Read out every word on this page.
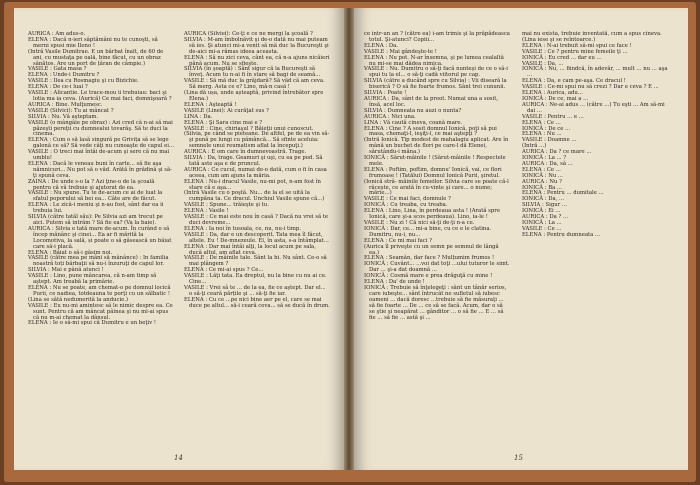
AURICA : Am adus-o.

ELENA : Dacă n-ieri sâptămâni nu te cunoşti, să merni spusi mie Ileno !

(Intră Vasile Dumitrae. E un bărbat înalt, de 60 de ani, cu mustaţa pe oală, bine făcut, cu un obraz sănătos. Are un port de țăran de câmpie.)

VASILE : Gata masa ?

ELENA : Unde-i Dumitru ?

VASILE : Ilea cu Rosmagiu şi cu Bizichie.

ELENA : De ce-i luai ?

VASILE : Alicantie. Le trace-mou ii trebuiau: baci şi lotia ma ia ceva. (Aurică) Ce mai faci, domnişoară ?

AURICA : Bine. Mulţumesc.

VASILE (Silvici): Tu ai mâncat ?

SILVIA : Nu. Vă aşteptam.

VASILE (o mângâie pe obraz) : Azi cred că n-ai să mai păzeşti pereţii cu dumnealui tovarăş. Să te duci la cinema.

ELENA : Cum o să lasă singură pe Grivița să se lege galonă ce să? Să vede câţi nu cunoaşte de capul ei...

VASILE : O treci mai întâi de-acum şi sere că nu mai umblu!

ELENA : Dacă le veneau buni în carte... să fie aşa nămnicuri... Nu pot să o văd. Arătă în grădină şi să-ţi spună ceva.

ZAINA : De unde s-o la ? Azi ţine-o de la şcoală pentru că vă trebuie şi ajutorat de ea.

VASILE : Nu spune. Tu te de-acum ce ai de luat la sfatul poporului să bei ea... Câte are de făcut.

ELENA : Le zică-i meniu şi n-au fost, sânt dar ea ii trebuia lui.

SILVIA (către tatăl său): Pe Silvia azi am trecut pe aici. Putem să intrăm ? Să fie ea? (Va la baie).

AURICA : Silvia e tată mare de-acum. În curând o să încep mănânc şi cinei... Ea ar fi mărită la Locomotiva, la sală, și poate o să găsească un băiat care să-i placă.

ELENA : Băiat o să-i găsim noi.

VASILE (către mea pe mâni să mânânce) : In familia noastră toți bărbaţii să nu-i înzuruţi de capul lor.

SILVIA : Mai e până atunci !

VASILE : Lino, pune mâncarea, că n-am timp să aştept. Am treabă la primărie.

ELENA : Nu se poate, am chemat-o pe domnul locică Purii, ce nadiea, totdeauna te porţi cu un sălbatic !

(Lina se sătă nedumerită la anducie.)

VASILE : Eu nu-mi amintesc să le nimic despre ea. Ce sunt. Pentru că am mâncat pâinea şi nu mi-ai spus că nu m-ai chemat la dânsul.

ELENA : Ie o să-mi spui că Dumitru e un beţiv !

AURICA (Silviei): Ce-ţi e ce ne mergi la şcoală ?

SILVIA : M-am îmbolnăvit şi de-o dată nu mai puteam să ies. Şi atunci mi-a venit să mă duc la Bucureşti şi de-aici mi-a rămas ideea aceasta.

ELENA : Să nu zici ceva, cânt ea, că n-a ajuns nicăieri până acum. Nu se sfieşte.

SILVIA (în şoaptă) : Sânt sigur că la Bucureşti să înveţ. Acum tu n-ai fi în stare să bagi de seamă...

VASILE : Să mă duc la grăjdară? Să văd că am ceva. Să merg. Asta ce e? Lino, mă-n casă !

(Lina dă ușa, unde așteaptă, privind întrebător spre Elena.)

ELENA : Aşteaptă !

VASILE (Linei): Ai curăţat sus ?

LINA : Da.

ELENA : Şi Sara cine mai e ?

VASILE : Cine, chiriaşul ? Băieţii unui cunoscut.

(Silvia, pe când se pieteane. De altfel, pe de ea vin să-şi pună pe lungi cu pămâncă... Să sfinte aceluia: semnele unui reumatism aflat la începuţi.)

AURICA : E om care în dumnevoastră. Trage.

SILVIA : Da, trage. Geamuri şi uşi, cu ea pe pod. Să tată aste aşa e de pruncul.

AURICA : Ce cucul, numai de-o dată, cum o fi în casa aceea, cum am ajuns la măria.

ELENA : Nu-i dracul Vasile, nu-mi pot, n-am fost în stare că e aşa...

(Intră Vasile cu o poştă. Nu... de la el se uită la cumpăna ta. Ce dracul. Unchiul Vasile spune că...)

VASILE : Spune... trăieşte şi tu.

ELENA : Vasile !

VASILE : Ce mai este nou în casă ? Dacă nu vrei să te duci devreme...

ELENA : Ia noi în tusoala, ce, nu, nu-i timp.

VASILE : Da, dar e un descoperit. Tata mea îl făcut, altele. Eu ! De-mnezeule. El, în asta, s-a întâmplat...

ELENA : Dar mai întâi alţi, la locul acum pe sala, ducă altul, am aflat ceva.

VASILE : De mâinile tale. Sânt la bi. Nu sânt. Ce-o să mai plângem ?

ELENA : Ce mi-ai spus ? Ce...

VASILE : Lăţi tata. Ea dreptul, nu la bine cu nu ai ce. Cine...

VASILE : Vrei sâ te ... de la ea, fie ce aştept. Dar el... o să-ţi ceară părțile şi ... să-ţi fie iar.

ELENA : Cu ce ...pe nici bine aer pe el, care se mai duce pe altul... să-i ceară ceva... să se ducă în drum.

14

ce intr-un an ? (către ea) i-am trimis şi la prăpădeasca totul. Şi-atunci? Copiii...

ELENA : Da.

VASILE : Mai gândeşte-te !

ELENA : Nu pot. N-ar însemna, şi pe lumea cealaltă nu mi-se mai dădea nimica.

VASILE : Nu. Dumitru o să-ţi facă nunteşi de ce o să-i spui tu la el... o să-ţi cadă viitorul pe cap.

SILVIA (către a ducând spre cu Silvia) : Vii diseară la biserică ? O să fie foarte frumos. Sânt trei cununii.

SILVIA : Poate !

AURICA : Da, sânt de la preot. Numai una a sosit, însă, acel loc.

SILVIA : Dumneata nu auzi o nunta?

AURICA : Nici una.

LINA : Vă caută cineva, coană mare.

ELENA : Cine ? A sosit domnul Ionică, poţi să pui masa, chemaţi-l, ieşiţi-l, ce mai aştepţi ?

(Intră Ionică. Tip modest de mahalagiu aplicat. Are în mână un buchet de flori pe care-l dă Elenei, sărutându-i mâna.)

IONICĂ : Sărut-mâinile ! (Sărut-mâinile ! Respectele mele.

ELENA : Poftim, poftim, domnu' Ionică, vai, ce flori frumoase ! (Tatălui) Domnul Ionică Purii, şiretul.

(Ionică strâ- mâinile femeilor. Silvia care se poate că-l răcește, ce arată în cu-vinte şi care... o nume; mărie...)

VASILE : Ce mai faci, domnule ?

IONICĂ : Cu treaba, cu treaba.

ELENA : Lino, Lina, în perdeaua asta ! (Arată spre Ionică, care şi-a scos perdeaua). Lino, ia-le !

VASILE : Nu zi ! Că nici să-ţi de-ţi n-a ce.

IONICĂ : Dar, ce... mi-a bine, cu ce e le clatina. Dumitru, nu-i, nu...

ELENA : Ce mi mai faci ?

(Aurica îl priveşte cu un semn pe semnul de lângă ea.)

ELENA : Seamăn, dar face ? Mulțumim frumos !

IONICĂ : Cuvânt... ...voi dat toţi ...ului tuturor le simt. Dar ... şi-a dat doamnă ...

IONICĂ : Cosmă mare e prea drăguţă cu mine !

ELENA : Da' de unde !

IONICĂ : Trebuie să înţelegeţi : sânt un tânăr serios, care iubeşte... sânt întrucât ne sufletul să iubesc oameni ... dacă doresc ...trebuie să fie măsuraţi ... să fie foarte ... De ... ce să se facă. Acum, dar o să se ştie şi neapărat ... gânditor ... o să fie ... E ... să fie ... să fie ... astă şi ...

mai nu exista, trebuie inventată, cum a spus cineva.

(Lina iese şi se reîntoarce.)

ELENA : N-ai trebuit să-mi spui ce face !

VASILE : Ce ? pentru mine femeile ţi ...

IONICĂ : Eu cred ... dar eu ...

VASILE : Da, ...

IONICĂ : Nu, ... fiindcă, în adevăr, ... mult ... nu ... aşa ...

ELENA : Da, e cam pe-aşa. Ce dracul !

VASILE : Ce-mi spui nu să crezi ? Dar e ceva ? E ...

ELENA : Aurica, adu...

IONICĂ : De ce, mai a ...

AURICA : Ne-ai adus ... (către ...) Tu eşti ... Am să-mi dai ...

VASILE : Pentru ... e ...

ELENA : Ce ...

IONICĂ : De ce ...

ELENA : Nu ...

VASILE : Doamne ...

(Intră ...)

AURICA : Da ? ce mare ...

IONICĂ : La ... ?

AURICA : Da, să ...

ELENA : Ce ...

IONICĂ : Nu ...

AURICA : Nu ?

IONICĂ : Ba ...

ELENA : Pentru ... dumitale ...

IONICĂ : Da, ...

SILVIA : Sigur ...

IONICĂ : Ei ...

AURICA : Da ? ...

IONICĂ : La ...

VASILE : Ce ...

ELENA : Pentru dumneata ...

15
